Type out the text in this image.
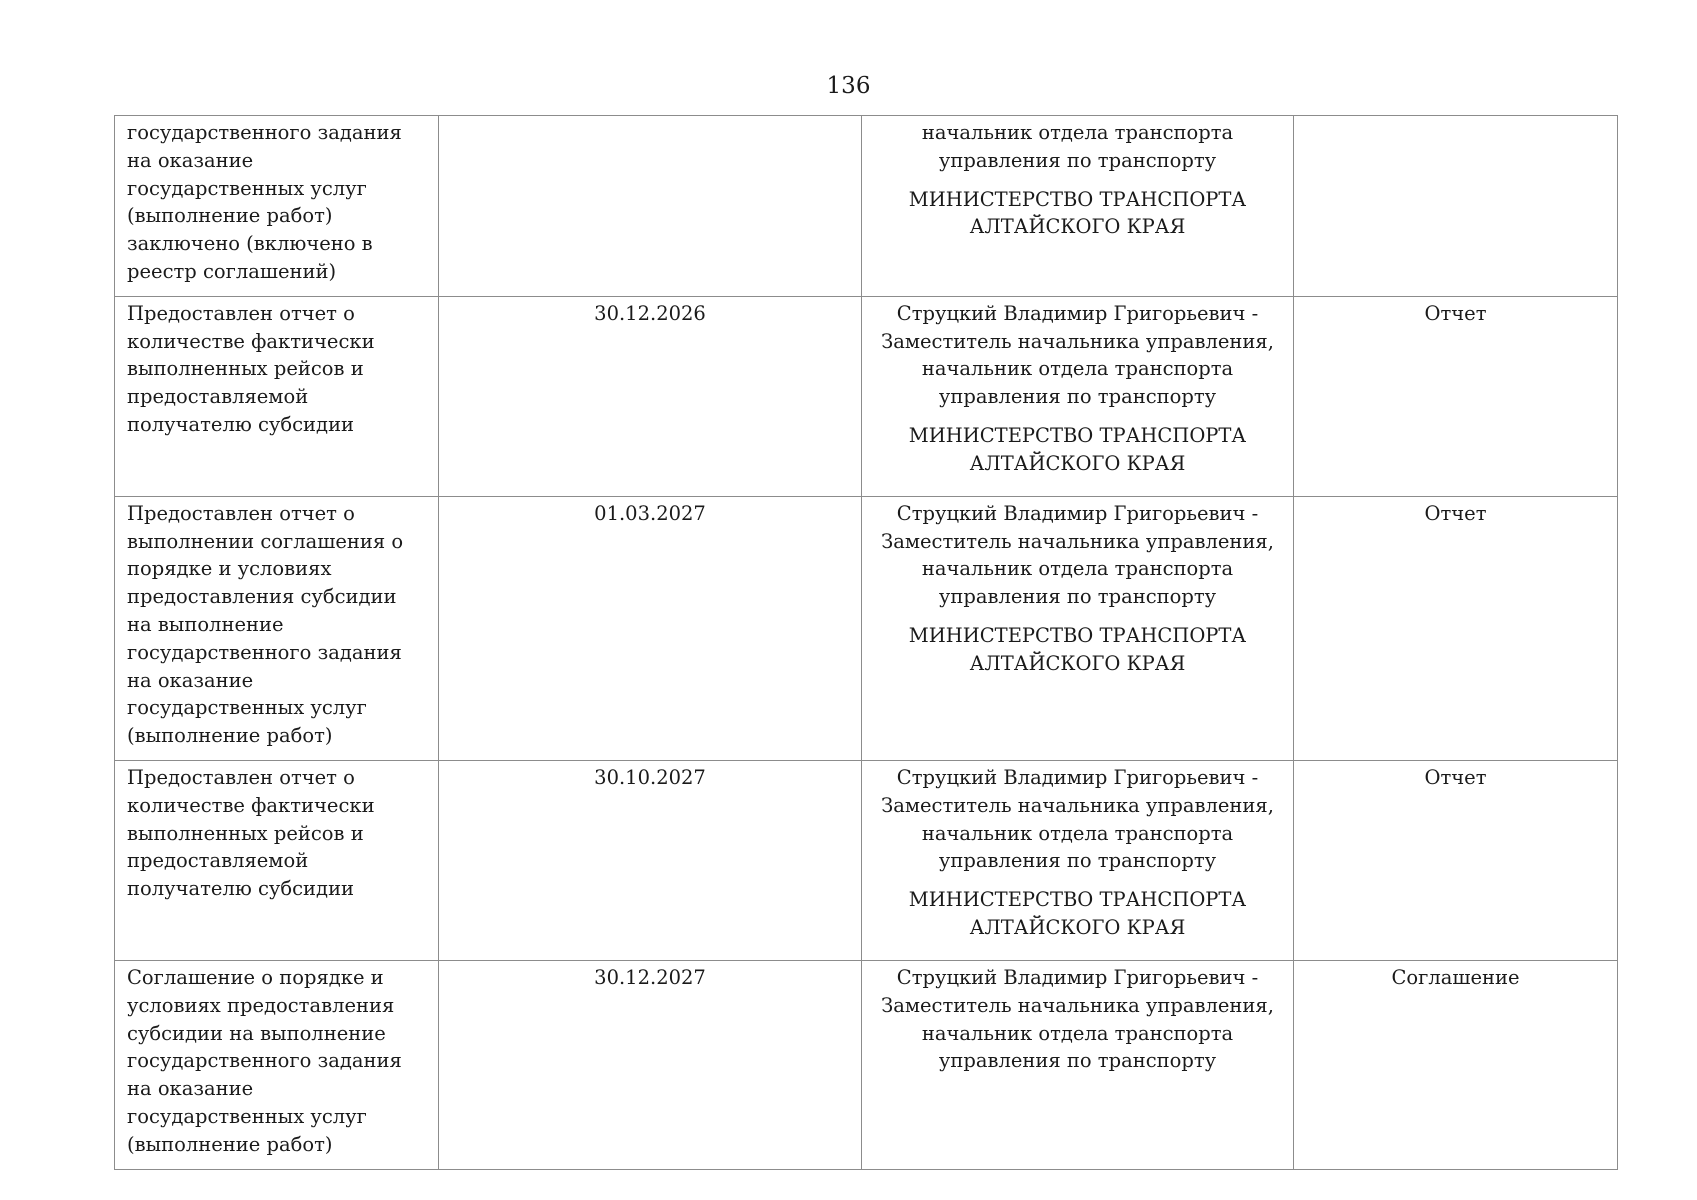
136
государственного задания на оказание государственных услуг (выполнение работ) заключено (включено в реестр соглашений)		начальник отдела транспорта управления по транспорту
МИНИСТЕРСТВО ТРАНСПОРТА АЛТАЙСКОГО КРАЯ	

Предоставлен отчет о количестве фактически выполненных рейсов и предоставляемой получателю субсидии	30.12.2026	Струцкий Владимир Григорьевич - Заместитель начальника управления, начальник отдела транспорта управления по транспорту
МИНИСТЕРСТВО ТРАНСПОРТА АЛТАЙСКОГО КРАЯ	Отчет
Предоставлен отчет о выполнении соглашения о порядке и условиях предоставления субсидии на выполнение государственного задания на оказание государственных услуг (выполнение работ)	01.03.2027	Струцкий Владимир Григорьевич - Заместитель начальника управления, начальник отдела транспорта управления по транспорту
МИНИСТЕРСТВО ТРАНСПОРТА АЛТАЙСКОГО КРАЯ	Отчет
Предоставлен отчет о количестве фактически выполненных рейсов и предоставляемой получателю субсидии	30.10.2027	Струцкий Владимир Григорьевич - Заместитель начальника управления, начальник отдела транспорта управления по транспорту
МИНИСТЕРСТВО ТРАНСПОРТА АЛТАЙСКОГО КРАЯ	Отчет
Соглашение о порядке и условиях предоставления субсидии на выполнение государственного задания на оказание государственных услуг (выполнение работ)	30.12.2027	Струцкий Владимир Григорьевич - Заместитель начальника управления, начальник отдела транспорта управления по транспорту	Соглашение
